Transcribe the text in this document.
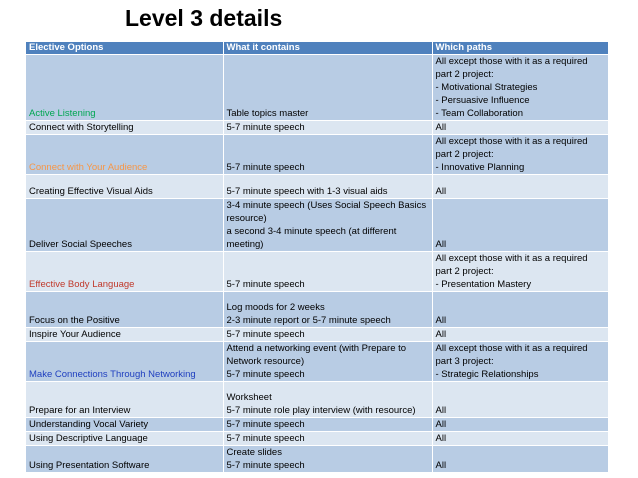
Level 3 details
Elective Options	What it contains	Which paths
Active Listening	Table topics master	All except those with it as a required
part 2 project:
- Motivational Strategies
- Persuasive Influence
- Team Collaboration

Connect with Storytelling	5-7 minute speech	All

Connect with Your Audience	5-7 minute speech	All except those with it as a required
part 2 project:
- Innovative Planning

Creating Effective Visual Aids	5-7 minute speech with 1-3 visual aids	All

Deliver Social Speeches	3-4 minute speech (Uses Social Speech Basics
resource)
a second 3-4 minute speech (at different
meeting)	All

Effective Body Language	5-7 minute speech	All except those with it as a required
part 2 project:
- Presentation Mastery

Focus on the Positive	Log moods for 2 weeks
2-3 minute report or 5-7 minute speech	All

Inspire Your Audience	5-7 minute speech	All

Make Connections Through Networking	Attend a networking event (with Prepare to
Network resource)
5-7 minute speech	All except those with it as a required
part 3 project:
- Strategic Relationships

Prepare for an Interview	Worksheet
5-7 minute role play interview (with resource)	All

Understanding Vocal Variety	5-7 minute speech	All

Using Descriptive Language	5-7 minute speech	All

Using Presentation Software	Create slides
5-7 minute speech	All
